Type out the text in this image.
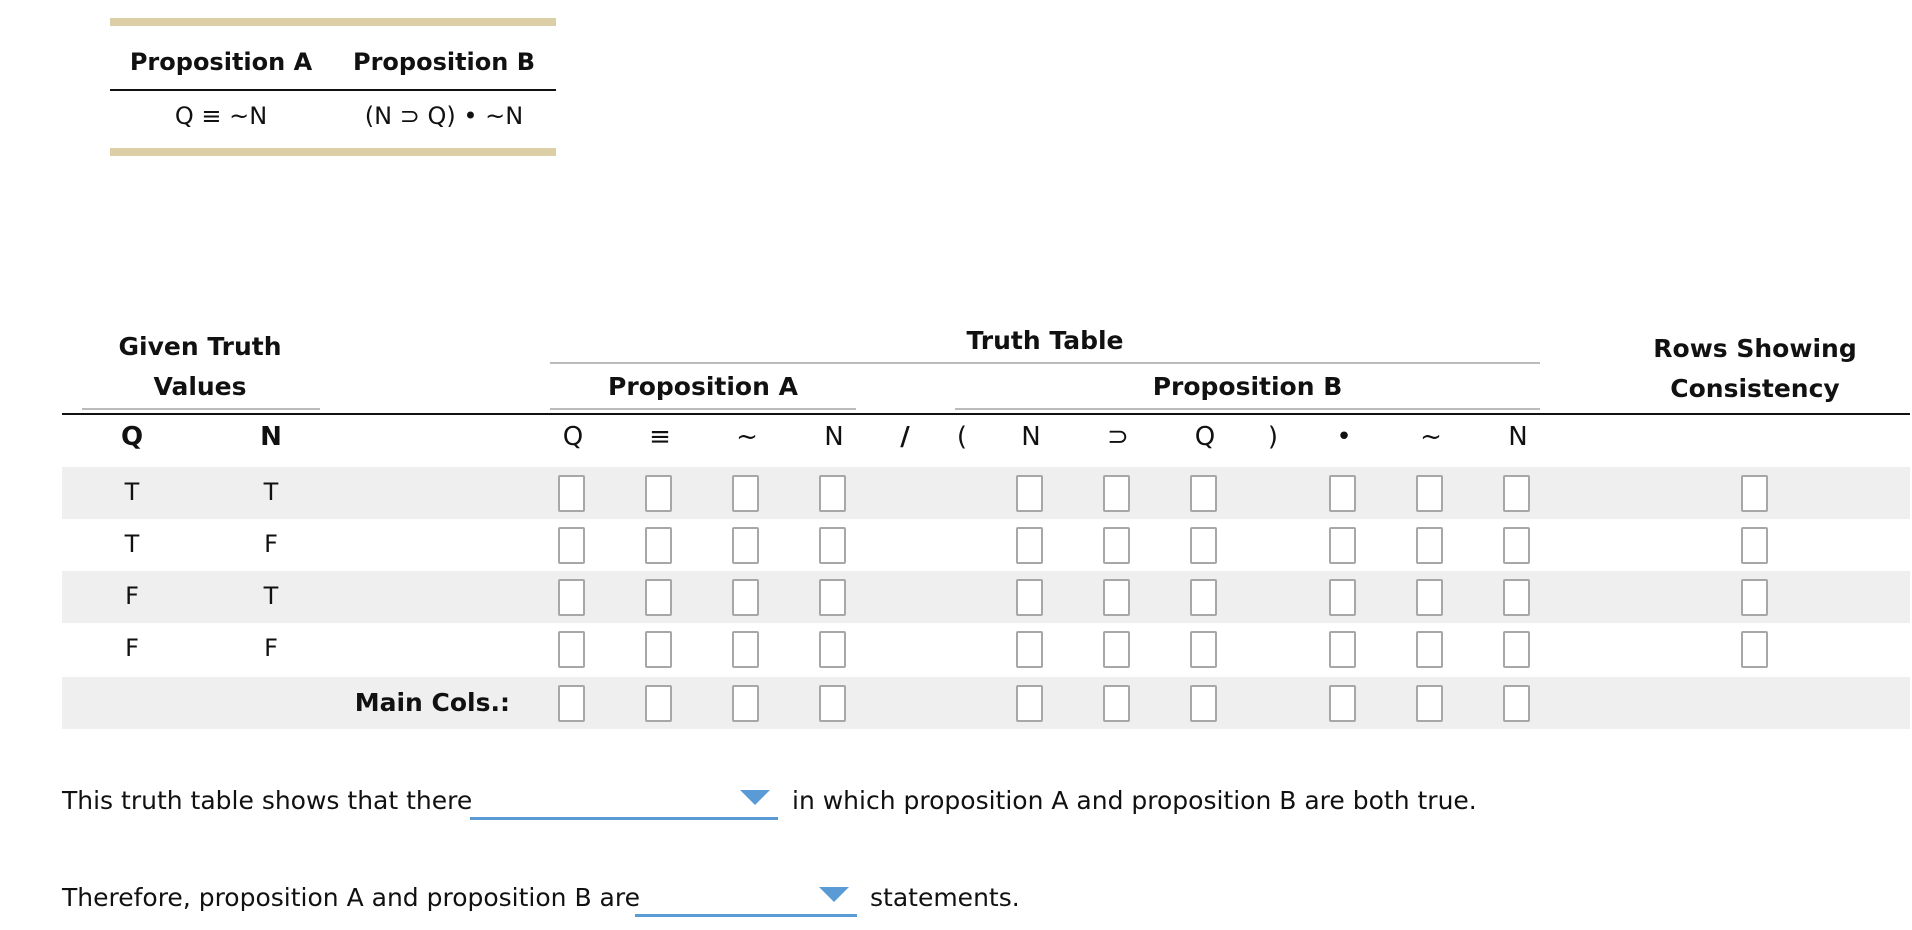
Proposition A	Proposition B
Q ≡ ~N	(N ⊃ Q) • ~N
Given Truth
Values
Truth Table
Proposition A	Proposition B
Rows Showing
Consistency
Q	N	Q	≡	~	N	/	(	N	⊃	Q	)	•	~	N
T	T
T	F
F	T
F	F
Main Cols.:
This truth table shows that there	in which proposition A and proposition B are both true.
Therefore, proposition A and proposition B are	statements.
